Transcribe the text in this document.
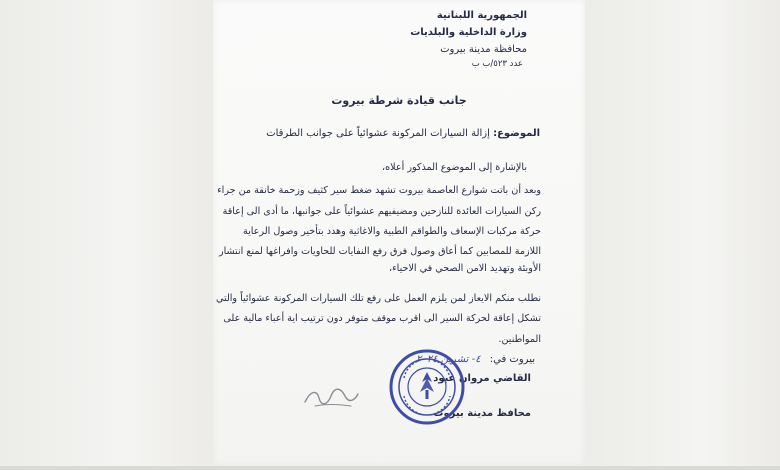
الجمهورية اللبنانية
وزارة الداخلية والبلديات
محافظة مدينة بيروت
عدد ٥٢٣/ب ب
جانب قيادة شرطة بيروت
الموضوع: إزالة السيارات المركونة عشوائياً على جوانب الطرقات
بالإشارة إلى الموضوع المذكور أعلاه،
وبعد أن باتت شوارع العاصمة بيروت تشهد ضغط سير كثيف وزحمة خانقة من جراء
ركن السيارات العائدة للنازحين ومضيفيهم عشوائياً على جوانبها، ما أدى الى إعاقة
حركة مركبات الإسعاف والطواقم الطبية والاغاثية وهدد بتأخير وصول الرعاية
اللازمة للمصابين كما أعاق وصول فرق رفع النفايات للحاويات وافراغها لمنع انتشار
الأوبئة وتهديد الامن الصحي في الاحياء،
نطلب منكم الايعاز لمن يلزم العمل على رفع تلك السيارات المركونة عشوائياً والتي
تشكل إعاقة لحركة السير الى اقرب موقف متوفر دون ترتيب اية أعباء مالية على
المواطنين.
بيروت في: ٤- تشرين ٢٠٢٤
القاضي مروان عبود
محافظ مدينة بيروت
